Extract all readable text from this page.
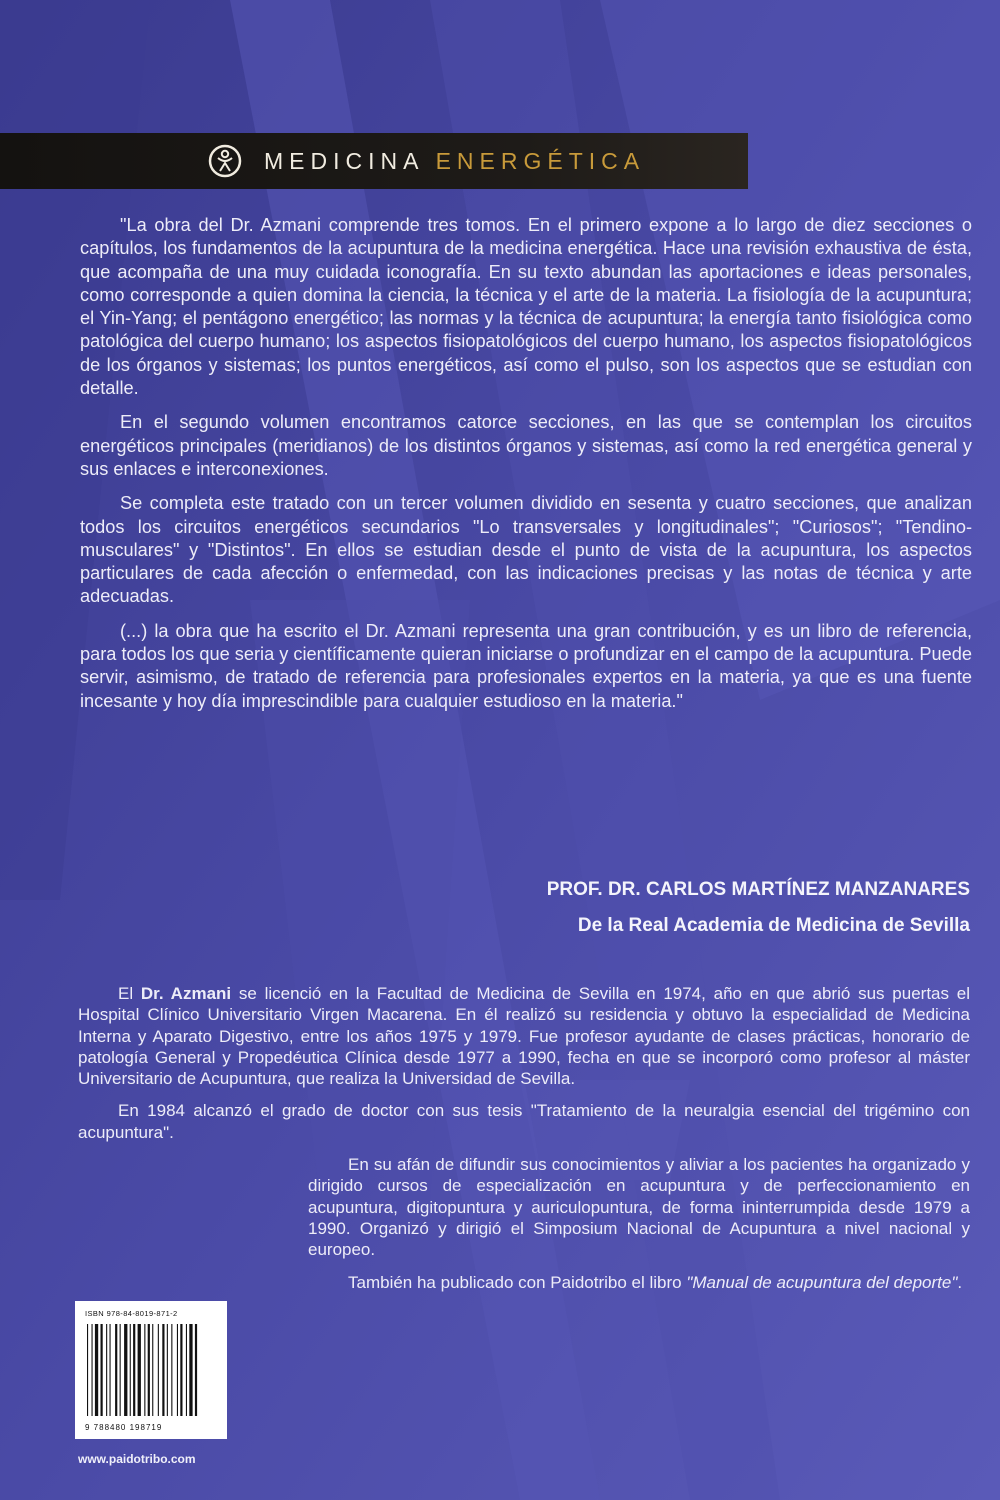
MEDICINA ENERGÉTICA

"La obra del Dr. Azmani comprende tres tomos. En el primero expone a lo largo de diez secciones o capítulos, los fundamentos de la acupuntura de la medicina energética. Hace una revisión exhaustiva de ésta, que acompaña de una muy cuidada iconografía. En su texto abundan las aportaciones e ideas personales, como corresponde a quien domina la ciencia, la técnica y el arte de la materia. La fisiología de la acupuntura; el Yin-Yang; el pentágono energético; las normas y la técnica de acupuntura; la energía tanto fisiológica como patológica del cuerpo humano; los aspectos fisiopatológicos del cuerpo humano, los aspectos fisiopatológicos de los órganos y sistemas; los puntos energéticos, así como el pulso, son los aspectos que se estudian con detalle.

En el segundo volumen encontramos catorce secciones, en las que se contemplan los circuitos energéticos principales (meridianos) de los distintos órganos y sistemas, así como la red energética general y sus enlaces e interconexiones.

Se completa este tratado con un tercer volumen dividido en sesenta y cuatro secciones, que analizan todos los circuitos energéticos secundarios "Lo transversales y longitudinales"; "Curiosos"; "Tendino-musculares" y "Distintos". En ellos se estudian desde el punto de vista de la acupuntura, los aspectos particulares de cada afección o enfermedad, con las indicaciones precisas y las notas de técnica y arte adecuadas.

(...) la obra que ha escrito el Dr. Azmani representa una gran contribución, y es un libro de referencia, para todos los que seria y científicamente quieran iniciarse o profundizar en el campo de la acupuntura. Puede servir, asimismo, de tratado de referencia para profesionales expertos en la materia, ya que es una fuente incesante y hoy día imprescindible para cualquier estudioso en la materia."

PROF. DR. CARLOS MARTÍNEZ MANZANARES
De la Real Academia de Medicina de Sevilla

El Dr. Azmani se licenció en la Facultad de Medicina de Sevilla en 1974, año en que abrió sus puertas el Hospital Clínico Universitario Virgen Macarena. En él realizó su residencia y obtuvo la especialidad de Medicina Interna y Aparato Digestivo, entre los años 1975 y 1979. Fue profesor ayudante de clases prácticas, honorario de patología General y Propedéutica Clínica desde 1977 a 1990, fecha en que se incorporó como profesor al máster Universitario de Acupuntura, que realiza la Universidad de Sevilla.

En 1984 alcanzó el grado de doctor con sus tesis "Tratamiento de la neuralgia esencial del trigémino con acupuntura".

En su afán de difundir sus conocimientos y aliviar a los pacientes ha organizado y dirigido cursos de especialización en acupuntura y de perfeccionamiento en acupuntura, digitopuntura y auriculopuntura, de forma ininterrumpida desde 1979 a 1990. Organizó y dirigió el Simposium Nacional de Acupuntura a nivel nacional y europeo.

También ha publicado con Paidotribo el libro "Manual de acupuntura del deporte".

ISBN 978-84-8019-871-2
9 788480 198719
www.paidotribo.com
